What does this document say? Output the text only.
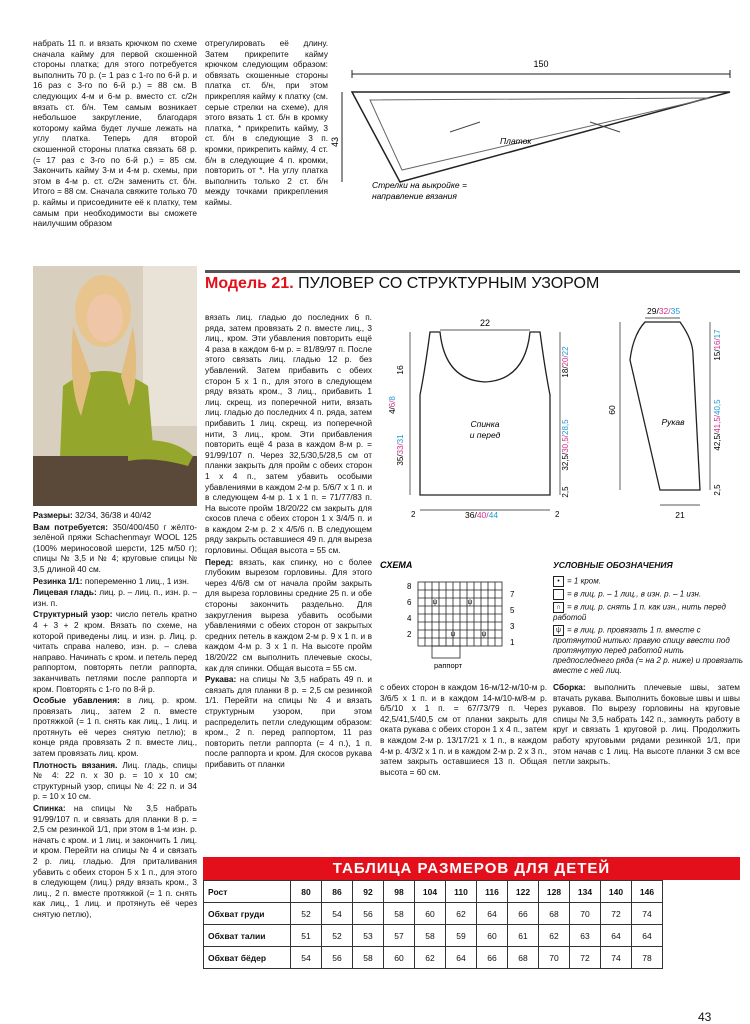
набрать 11 п. и вязать крючком по схеме сначала кайму для первой скошенной стороны платка; для этого потребуется выполнить 70 р. (= 1 раз с 1-го по 6-й р. и 16 раз с 3-го по 6-й р.) = 88 см. В следующих 4-м и 6-м р. вместо ст. с/2н вязать ст. б/н. Тем самым возникает небольшое закругление, благодаря которому кайма будет лучше лежать на углу платка. Теперь для второй скошенной стороны платка связать 68 р. (= 17 раз с 3-го по 6-й р.) = 85 см. Закончить кайму 3-м и 4-м р. схемы, при этом в 4-м р. ст. с/2н заменить ст. б/н. Итого = 88 см. Сначала свяжите только 70 р. каймы и присоедините её к платку, тем самым при необходимости вы сможете наилучшим образом

отрегулировать её длину. Затем прикрепите кайму крючком следующим образом: обвязать скошенные стороны платка ст. б/н, при этом прикрепляя кайму к платку (см. серые стрелки на схеме), для этого вязать 1 ст. б/н в кромку платка, * прикрепить кайму, 3 ст. б/н в следующие 3 п. кромки, прикрепить кайму, 4 ст. б/н в следующие 4 п. кромки, повторить от *. На углу платка выполнить только 2 ст. б/н между точками прикрепления каймы.

150
43	Платок
Стрелки на выкройке =
направление вязания
Модель 21. ПУЛОВЕР СО СТРУКТУРНЫМ УЗОРОМ

Размеры: 32/34, 36/38 и 40/42

Вам потребуется: 350/400/450 г жёлто-зелёной пряжи Schachenmayr WOOL 125 (100% мериносовой шерсти, 125 м/50 г); спицы № 3,5 и № 4; круговые спицы № 3,5 длиной 40 см.

Резинка 1/1: попеременно 1 лиц., 1 изн.

Лицевая гладь: лиц. р. – лиц. п., изн. р. – изн. п.

Структурный узор: число петель кратно 4 + 3 + 2 кром. Вязать по схеме, на которой приведены лиц. и изн. р. Лиц. р. читать справа налево, изн. р. – слева направо. Начинать с кром. и петель перед раппортом, повторять петли раппорта, заканчивать петлями после раппорта и кром. Повторять с 1-го по 8-й р.

Особые убавления: в лиц. р. кром. провязать лиц., затем 2 п. вместе протяжкой (= 1 п. снять как лиц., 1 лиц. и протянуть её через снятую петлю); в конце ряда провязать 2 п. вместе лиц., затем провязать лиц. кром.

Плотность вязания. Лиц. гладь, спицы № 4: 22 п. x 30 р. = 10 x 10 см; структурный узор, спицы № 4: 22 п. и 34 р. = 10 x 10 см.

Спинка: на спицы № 3,5 набрать 91/99/107 п. и связать для планки 8 р. = 2,5 см резинкой 1/1, при этом в 1-м изн. р. начать с кром. и 1 лиц. и закончить 1 лиц. и кром. Перейти на спицы № 4 и связать 2 р. лиц. гладью. Для приталивания убавить с обеих сторон 5 x 1 п., для этого в следующем (лиц.) ряду вязать кром., 3 лиц., 2 п. вместе протяжкой (= 1 п. снять как лиц., 1 лиц. и протянуть её через снятую петлю),

вязать лиц. гладью до последних 6 п. ряда, затем провязать 2 п. вместе лиц., 3 лиц., кром. Эти убавления повторить ещё 4 раза в каждом 6-м р. = 81/89/97 п. После этого связать лиц. гладью 12 р. без убавлений. Затем прибавить с обеих сторон 5 x 1 п., для этого в следующем ряду вязать кром., 3 лиц., прибавить 1 лиц. скрещ. из поперечной нити, вязать лиц. гладью до последних 4 п. ряда, затем прибавить 1 лиц. скрещ. из поперечной нити, 3 лиц., кром. Эти прибавления повторить ещё 4 раза в каждом 8-м р. = 91/99/107 п. Через 32,5/30,5/28,5 см от планки закрыть для пройм с обеих сторон 1 x 4 п., затем убавить особыми убавлениями в каждом 2-м р. 5/6/7 x 1 п. и в следующем 4-м р. 1 x 1 п. = 71/77/83 п. На высоте пройм 18/20/22 см закрыть для скосов плеча с обеих сторон 1 x 3/4/5 п. и в каждом 2-м р. 2 x 4/5/6 п. В следующем ряду закрыть оставшиеся 49 п. для выреза горловины. Общая высота = 55 см.

Перед: вязать, как спинку, но с более глубоким вырезом горловины. Для этого через 4/6/8 см от начала пройм закрыть для выреза горловины средние 25 п. и обе стороны закончить раздельно. Для закругления выреза убавить особыми убавлениями с обеих сторон от закрытых средних петель в каждом 2-м р. 9 x 1 п. и в каждом 4-м р. 3 x 1 п. На высоте пройм 18/20/22 см выполнить плечевые скосы, как для спинки. Общая высота = 55 см.

Рукава: на спицы № 3,5 набрать 49 п. и связать для планки 8 р. = 2,5 см резинкой 1/1. Перейти на спицы № 4 и вязать структурным узором, при этом распределить петли следующим образом: кром., 2 п. перед раппортом, 11 раз повторить петли раппорта (= 4 п.), 1 п. после раппорта и кром. Для скосов рукава прибавить от планки

22
Спинка
и перед
36/40/44
16
4/6/8
35/33/31
18/20/22
32,5/30,5/28,5
2,5
2	2
29/32/35
Рукав
21
60
15/16/17
42,5/41,5/40,5
2,5
СХЕМА
ψ	ψ
ψ	ψ
8
6
4
2
7
5
3
1
раппорт
УСЛОВНЫЕ ОБОЗНАЧЕНИЯ
• = 1 кром.
= в лиц. р. – 1 лиц., в изн. р. – 1 изн.
∩ = в лиц. р. снять 1 п. как изн., нить перед работой
ψ = в лиц. р. провязать 1 п. вместе с протянутой нитью: правую спицу ввести под протянутую перед работой нить предпоследнего ряда (= на 2 р. ниже) и провязать вместе с ней лиц.

с обеих сторон в каждом 16-м/12-м/10-м р. 3/6/5 x 1 п. и в каждом 14-м/10-м/8-м р. 6/5/10 x 1 п. = 67/73/79 п. Через 42,5/41,5/40,5 см от планки закрыть для оката рукава с обеих сторон 1 x 4 п., затем в каждом 2-м р. 13/17/21 x 1 п., в каждом 4-м р. 4/3/2 x 1 п. и в каждом 2-м р. 2 x 3 п., затем закрыть оставшиеся 13 п. Общая высота = 60 см.

Сборка: выполнить плечевые швы, затем втачать рукава. Выполнить боковые швы и швы рукавов. По вырезу горловины на круговые спицы № 3,5 набрать 142 п., замкнуть работу в круг и связать 1 круговой р. лиц. Продолжить работу круговыми рядами резинкой 1/1, при этом начав с 1 лиц. На высоте планки 3 см все петли закрыть.

ТАБЛИЦА РАЗМЕРОВ ДЛЯ ДЕТЕЙ
Рост	80	86	92	98	104	110	116	122	128	134	140	146
Обхват груди	52	54	56	58	60	62	64	66	68	70	72	74
Обхват талии	51	52	53	57	58	59	60	61	62	63	64	64
Обхват бёдер	54	56	58	60	62	64	66	68	70	72	74	78
43
